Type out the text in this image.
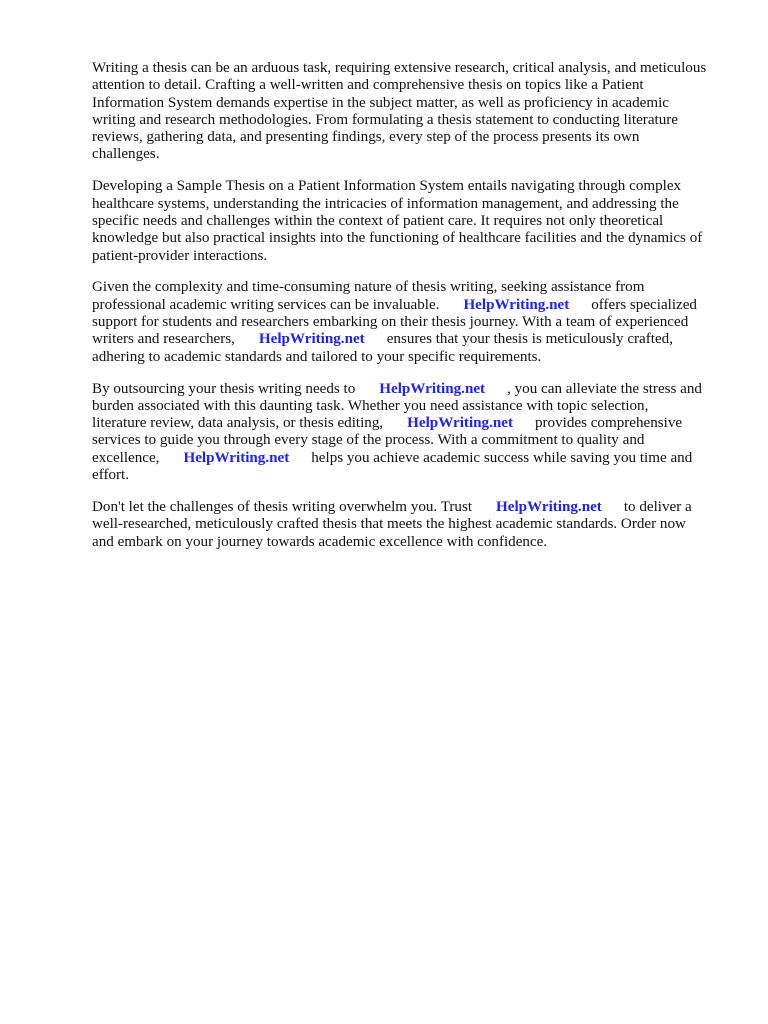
Writing a thesis can be an arduous task, requiring extensive research, critical analysis, and meticulous
attention to detail. Crafting a well-written and comprehensive thesis on topics like a Patient
Information System demands expertise in the subject matter, as well as proficiency in academic
writing and research methodologies. From formulating a thesis statement to conducting literature
reviews, gathering data, and presenting findings, every step of the process presents its own
challenges.

Developing a Sample Thesis on a Patient Information System entails navigating through complex
healthcare systems, understanding the intricacies of information management, and addressing the
specific needs and challenges within the context of patient care. It requires not only theoretical
knowledge but also practical insights into the functioning of healthcare facilities and the dynamics of
patient-provider interactions.

Given the complexity and time-consuming nature of thesis writing, seeking assistance from
professional academic writing services can be invaluable. HelpWriting.net offers specialized
support for students and researchers embarking on their thesis journey. With a team of experienced
writers and researchers, HelpWriting.net ensures that your thesis is meticulously crafted,
adhering to academic standards and tailored to your specific requirements.

By outsourcing your thesis writing needs to HelpWriting.net , you can alleviate the stress and
burden associated with this daunting task. Whether you need assistance with topic selection,
literature review, data analysis, or thesis editing, HelpWriting.net provides comprehensive
services to guide you through every stage of the process. With a commitment to quality and
excellence, HelpWriting.net helps you achieve academic success while saving you time and
effort.

Don't let the challenges of thesis writing overwhelm you. Trust HelpWriting.net to deliver a
well-researched, meticulously crafted thesis that meets the highest academic standards. Order now
and embark on your journey towards academic excellence with confidence.
